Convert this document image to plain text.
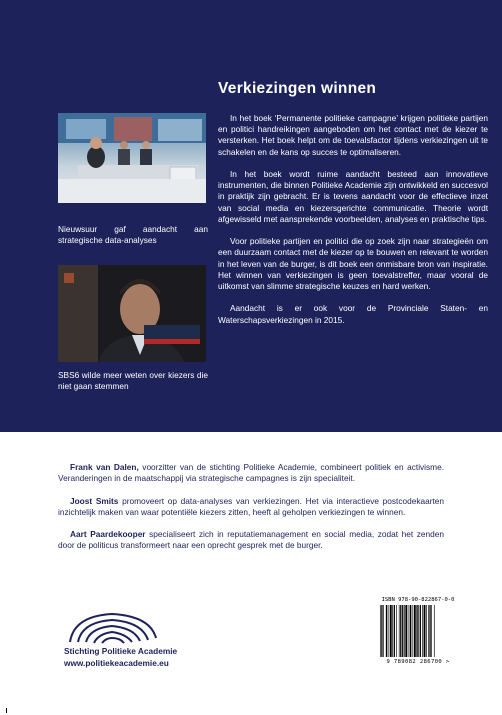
Verkiezingen winnen

In het boek ‘Permanente politieke campagne’ krijgen politieke partijen en politici handreikingen aangeboden om het contact met de kiezer te versterken. Het boek helpt om de toevalsfactor tijdens verkiezingen uit te schakelen en de kans op succes te optimaliseren.

In het boek wordt ruime aandacht besteed aan innovatieve instrumenten, die binnen Politieke Academie zijn ontwikkeld en succesvol in praktijk zijn gebracht. Er is tevens aandacht voor de effectieve inzet van social media en kiezersgerichte communicatie. Theorie wordt afgewisseld met aansprekende voorbeelden, analyses en praktische tips.

Voor politieke partijen en politici die op zoek zijn naar strategieën om een duurzaam contact met de kiezer op te bouwen en relevant te worden in het leven van de burger, is dit boek een onmisbare bron van inspiratie. Het winnen van verkiezingen is geen toevalstreffer, maar vooral de uitkomst van slimme strategische keuzes en hard werken.

Aandacht is er ook voor de Provinciale Staten- en Waterschapsverkiezingen in 2015.

Nieuwsuur gaf aandacht aan strategische data-analyses
SBS6 wilde meer weten over kiezers die niet gaan stemmen

Frank van Dalen, voorzitter van de stichting Politieke Academie, combineert politiek en activisme. Veranderingen in de maatschappij via strategische campagnes is zijn specialiteit.

Joost Smits promoveert op data-analyses van verkiezingen. Het via interactieve postcodekaarten inzichtelijk maken van waar potentiële kiezers zitten, heeft al geholpen verkiezingen te winnen.

Aart Paardekooper specialiseert zich in reputatiemanagement en social media, zodat het zenden door de politicus transformeert naar een oprecht gesprek met de burger.

Stichting Politieke Academie
www.politiekeacademie.eu
ISBN 978-90-822867-0-0
9 789082 286700 >
